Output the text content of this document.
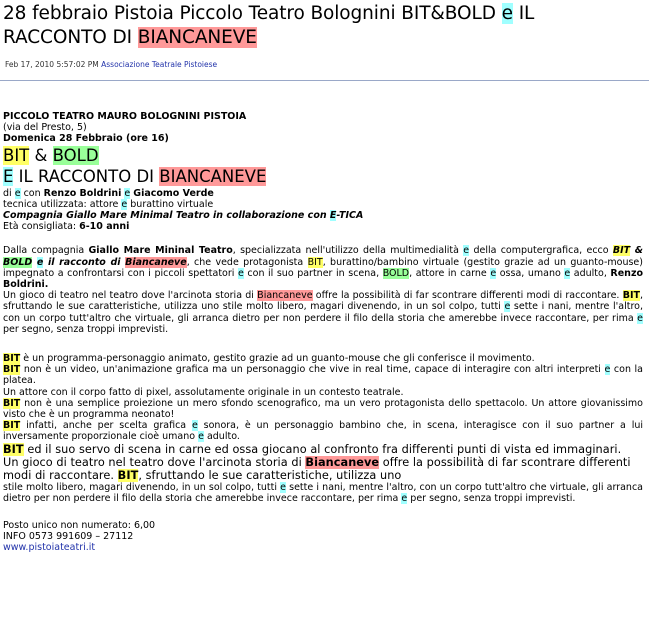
28 febbraio Pistoia Piccolo Teatro Bolognini BIT&BOLD e IL RACCONTO DI BIANCANEVE
Feb 17, 2010 5:57:02 PM Associazione Teatrale Pistoiese

PICCOLO TEATRO MAURO BOLOGNINI PISTOIA

(via del Presto, 5)

Domenica 28 Febbraio (ore 16)

BIT & BOLD

E IL RACCONTO DI BIANCANEVE

di e con Renzo Boldrini e Giacomo Verde

tecnica utilizzata: attore e burattino virtuale

Compagnia Giallo Mare Minimal Teatro in collaborazione con E-TICA

Età consigliata: 6-10 anni

Dalla compagnia Giallo Mare Mininal Teatro, specializzata nell'utilizzo della multimedialità e della computergrafica, ecco BIT & BOLD e il racconto di Biancaneve, che vede protagonista BIT, burattino/bambino virtuale (gestito grazie ad un guanto-mouse) impegnato a confrontarsi con i piccoli spettatori e con il suo partner in scena, BOLD, attore in carne e ossa, umano e adulto, Renzo Boldrini.

Un gioco di teatro nel teatro dove l'arcinota storia di Biancaneve offre la possibilità di far scontrare differenti modi di raccontare. BIT, sfruttando le sue caratteristiche, utilizza uno stile molto libero, magari divenendo, in un sol colpo, tutti e sette i nani, mentre l'altro, con un corpo tutt'altro che virtuale, gli arranca dietro per non perdere il filo della storia che amerebbe invece raccontare, per rima e per segno, senza troppi imprevisti.

BIT è un programma-personaggio animato, gestito grazie ad un guanto-mouse che gli conferisce il movimento.

BIT non è un video, un'animazione grafica ma un personaggio che vive in real time, capace di interagire con altri interpreti e con la platea.

Un attore con il corpo fatto di pixel, assolutamente originale in un contesto teatrale.

BIT non è una semplice proiezione un mero sfondo scenografico, ma un vero protagonista dello spettacolo. Un attore giovanissimo visto che è un programma neonato!

BIT infatti, anche per scelta grafica e sonora, è un personaggio bambino che, in scena, interagisce con il suo partner a lui inversamente proporzionale cioè umano e adulto.

BIT ed il suo servo di scena in carne ed ossa giocano al confronto fra differenti punti di vista ed immaginari.

Un gioco di teatro nel teatro dove l'arcinota storia di Biancaneve offre la possibilità di far scontrare differenti modi di raccontare. BIT, sfruttando le sue caratteristiche, utilizza uno

stile molto libero, magari divenendo, in un sol colpo, tutti e sette i nani, mentre l'altro, con un corpo tutt'altro che virtuale, gli arranca dietro per non perdere il filo della storia che amerebbe invece raccontare, per rima e per segno, senza troppi imprevisti.

Posto unico non numerato: 6,00

INFO 0573 991609 – 27112

www.pistoiateatri.it
